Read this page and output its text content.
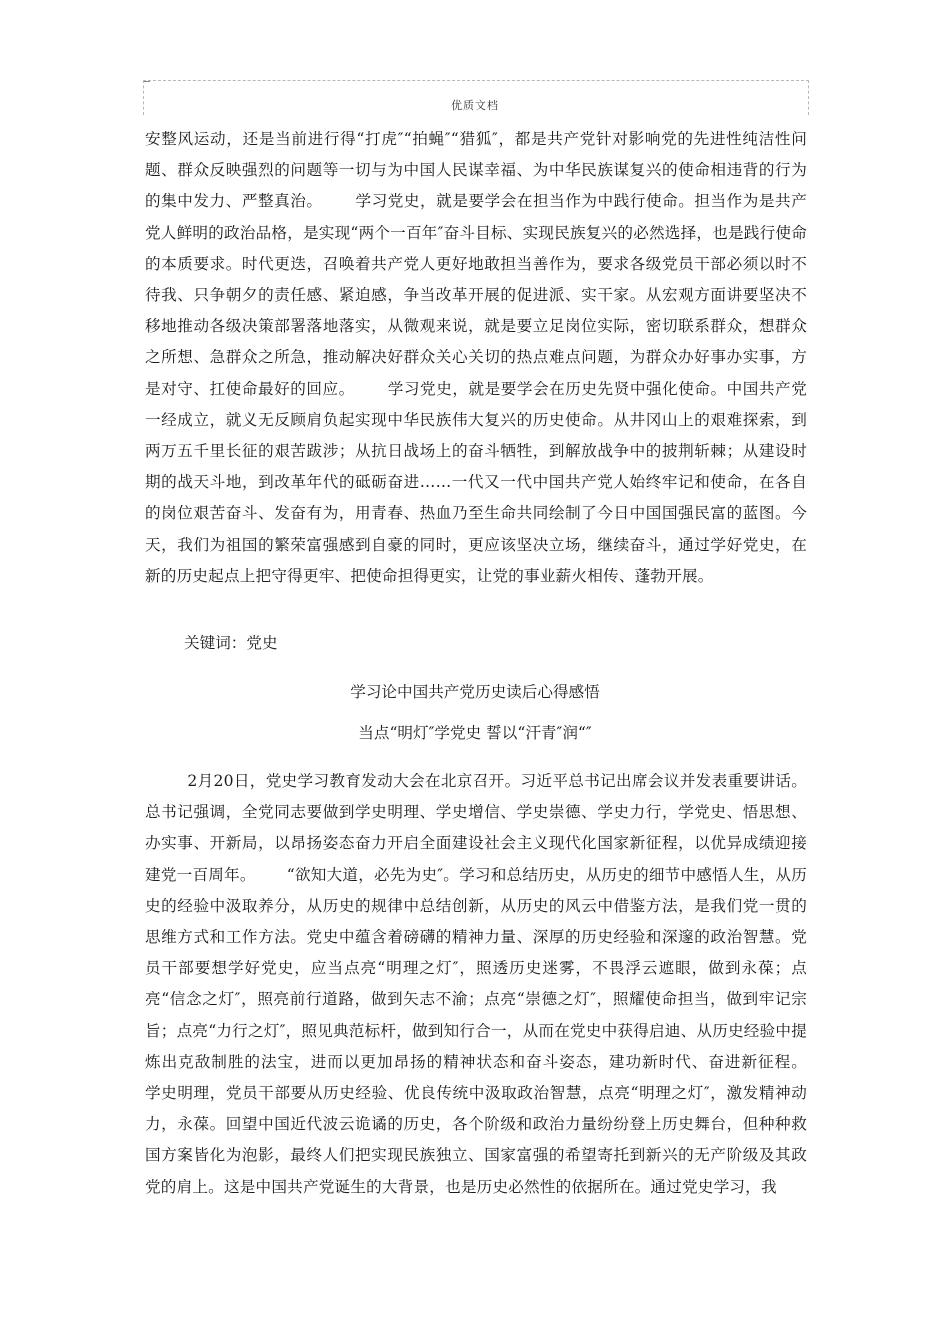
优质文档

安整风运动，还是当前进行得“打虎″“拍蝇″“猎狐″，都是共产党针对影响党的先进性纯洁性问题、群众反映强烈的问题等一切与为中国人民谋幸福、为中华民族谋复兴的使命相违背的行为的集中发力、严整真治。      学习党史，就是要学会在担当作为中践行使命。担当作为是共产党人鲜明的政治品格，是实现“两个一百年″奋斗目标、实现民族复兴的必然选择，也是践行使命的本质要求。时代更迭，召唤着共产党人更好地敢担当善作为，要求各级党员干部必须以时不待我、只争朝夕的责任感、紧迫感，争当改革开展的促进派、实干家。从宏观方面讲要坚决不移地推动各级决策部署落地落实，从微观来说，就是要立足岗位实际，密切联系群众，想群众之所想、急群众之所急，推动解决好群众关心关切的热点难点问题，为群众办好事办实事，方是对守、扛使命最好的回应。      学习党史，就是要学会在历史先贤中强化使命。中国共产党一经成立，就义无反顾肩负起实现中华民族伟大复兴的历史使命。从井冈山上的艰难探索，到两万五千里长征的艰苦跋涉；从抗日战场上的奋斗牺牲，到解放战争中的披荆斩棘；从建设时期的战天斗地，到改革年代的砥砺奋进……一代又一代中国共产党人始终牢记和使命，在各自的岗位艰苦奋斗、发奋有为，用青春、热血乃至生命共同绘制了今日中国国强民富的蓝图。今天，我们为祖国的繁荣富强感到自豪的同时，更应该坚决立场，继续奋斗，通过学好党史，在新的历史起点上把守得更牢、把使命担得更实，让党的事业薪火相传、蓬勃开展。

关键词：党史
学习论中国共产党历史读后心得感悟
当点“明灯″学党史 誓以“汗青″润“″

2月20日，党史学习教育发动大会在北京召开。习近平总书记出席会议并发表重要讲话。总书记强调，全党同志要做到学史明理、学史增信、学史崇德、学史力行，学党史、悟思想、办实事、开新局，以昂扬姿态奋力开启全面建设社会主义现代化国家新征程，以优异成绩迎接建党一百周年。      “欲知大道，必先为史″。学习和总结历史，从历史的细节中感悟人生，从历史的经验中汲取养分，从历史的规律中总结创新，从历史的风云中借鉴方法，是我们党一贯的思维方式和工作方法。党史中蕴含着磅礴的精神力量、深厚的历史经验和深邃的政治智慧。党员干部要想学好党史，应当点亮“明理之灯″，照透历史迷雾，不畏浮云遮眼，做到永葆；点亮“信念之灯″，照亮前行道路，做到矢志不渝；点亮“崇德之灯″，照耀使命担当，做到牢记宗旨；点亮“力行之灯″，照见典范标杆，做到知行合一，从而在党史中获得启迪、从历史经验中提炼出克敌制胜的法宝，进而以更加昂扬的精神状态和奋斗姿态，建功新时代、奋进新征程。      学史明理，党员干部要从历史经验、优良传统中汲取政治智慧，点亮“明理之灯″，激发精神动力，永葆。回望中国近代波云诡谲的历史，各个阶级和政治力量纷纷登上历史舞台，但种种救国方案皆化为泡影，最终人们把实现民族独立、国家富强的希望寄托到新兴的无产阶级及其政党的肩上。这是中国共产党诞生的大背景，也是历史必然性的依据所在。通过党史学习，我
